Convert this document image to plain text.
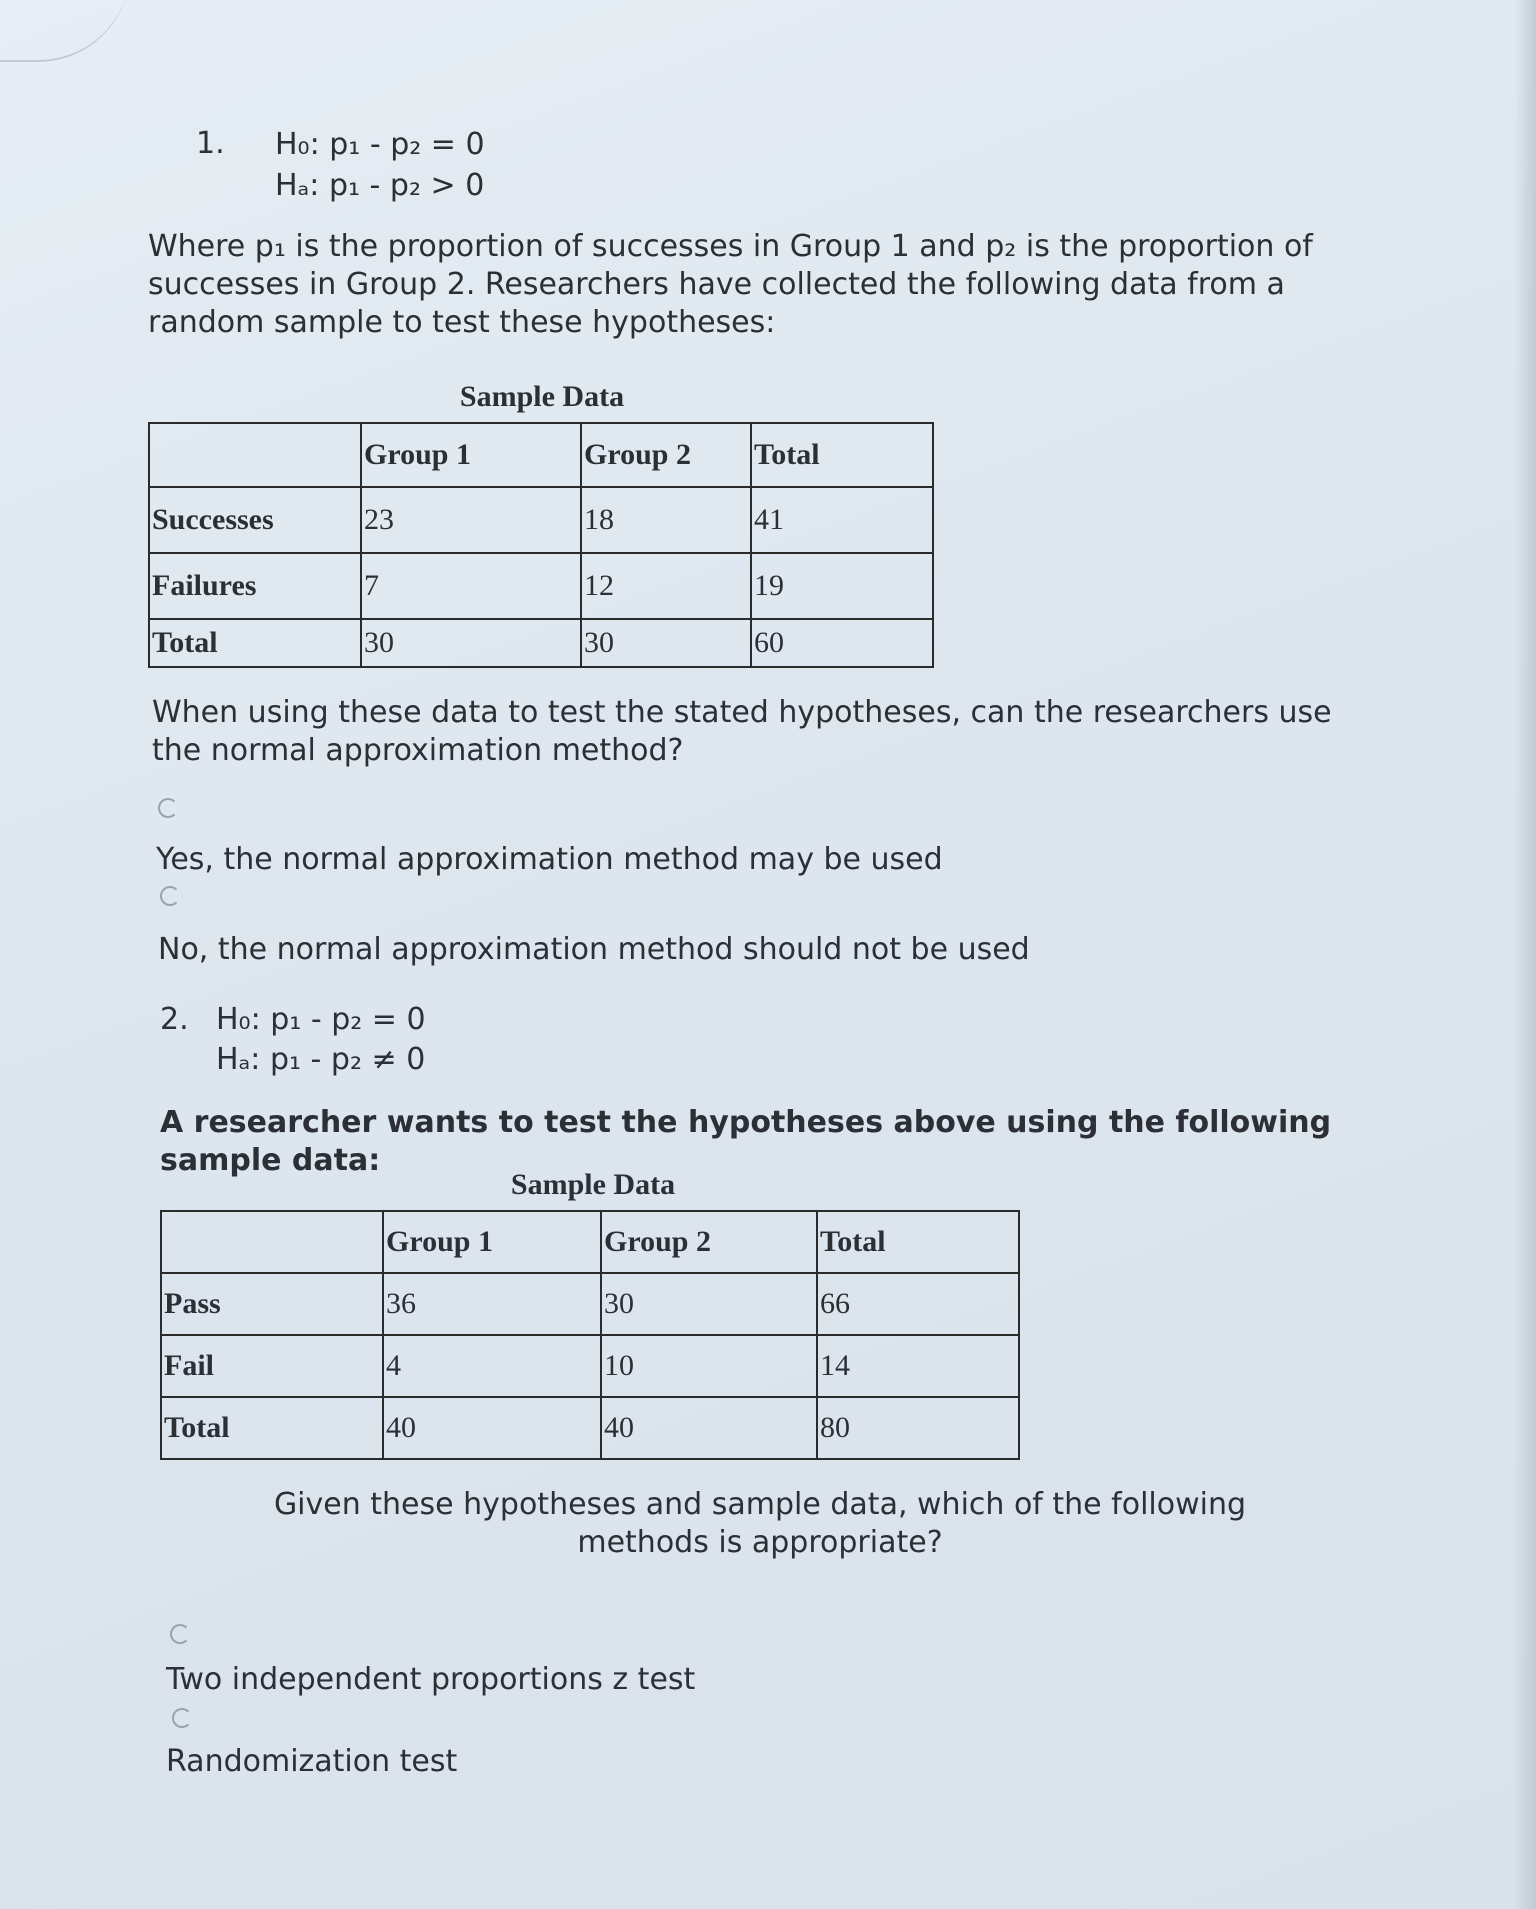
1. H₀: p₁ - p₂ = 0
Hₐ: p₁ - p₂ > 0
Where p₁ is the proportion of successes in Group 1 and p₂ is the proportion of successes in Group 2. Researchers have collected the following data from a random sample to test these hypotheses:
Sample Data
	Group 1	Group 2	Total
Successes	23	18	41
Failures	7	12	19
Total	30	30	60
When using these data to test the stated hypotheses, can the researchers use the normal approximation method?
Yes, the normal approximation method may be used
No, the normal approximation method should not be used
2. H₀: p₁ - p₂ = 0
Hₐ: p₁ - p₂ ≠ 0
A researcher wants to test the hypotheses above using the following sample data:
Sample Data
	Group 1	Group 2	Total
Pass	36	30	66
Fail	4	10	14
Total	40	40	80
Given these hypotheses and sample data, which of the following methods is appropriate?
Two independent proportions z test
Randomization test
